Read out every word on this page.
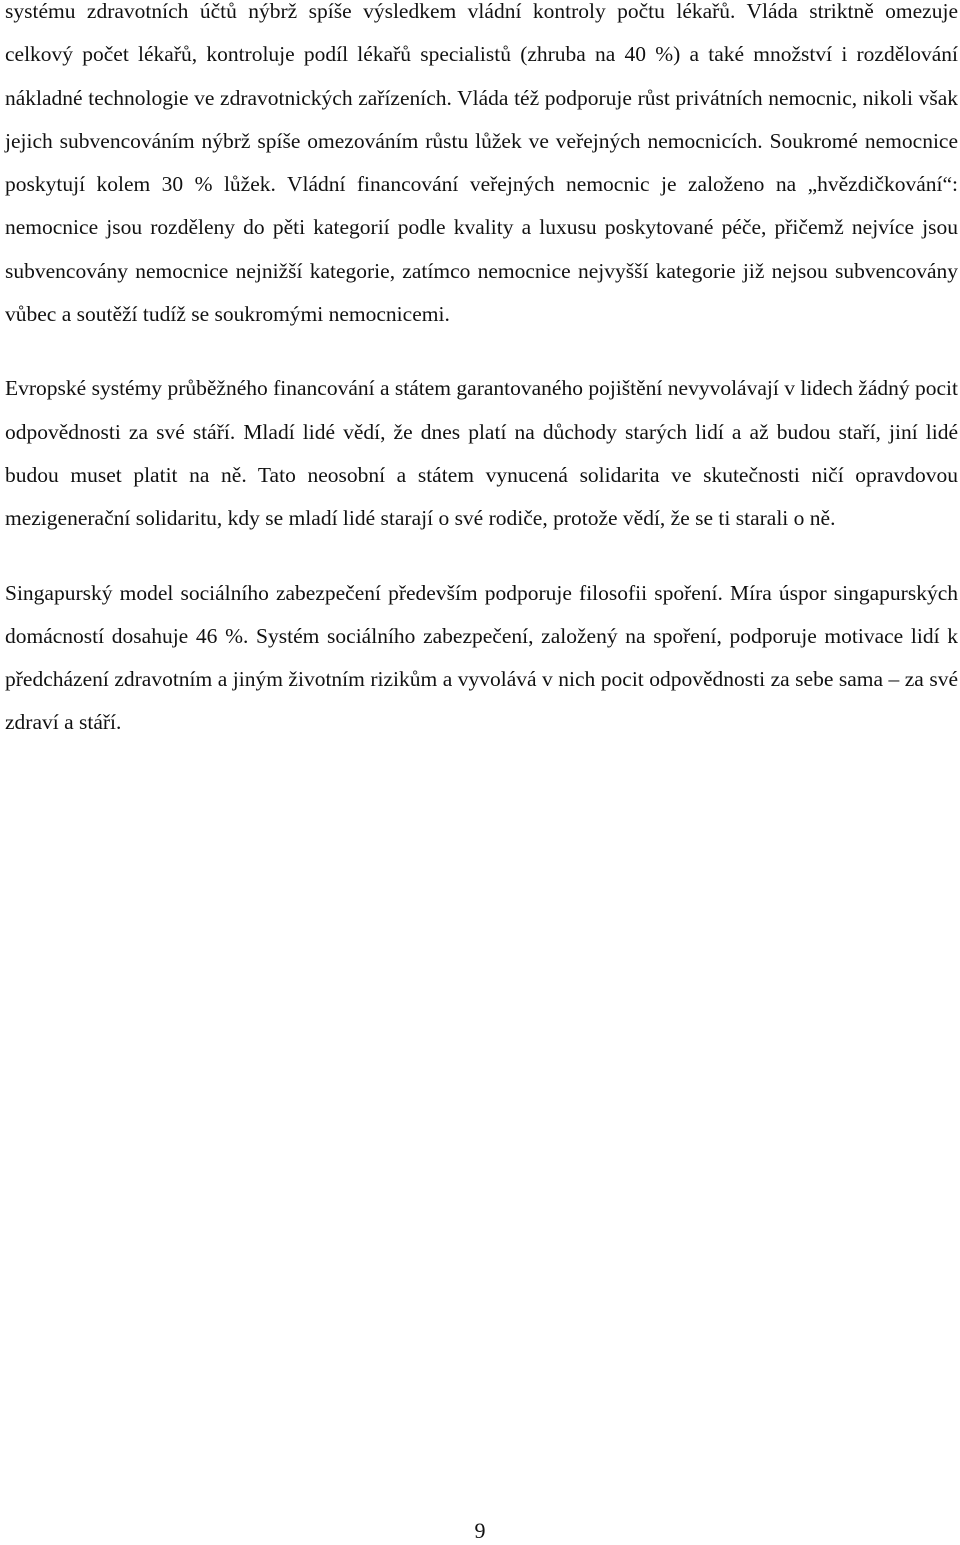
systému zdravotních účtů nýbrž spíše výsledkem vládní kontroly počtu lékařů. Vláda striktně omezuje celkový počet lékařů, kontroluje podíl lékařů specialistů (zhruba na 40 %) a také množství i rozdělování nákladné technologie ve zdravotnických zařízeních. Vláda též podporuje růst privátních nemocnic, nikoli však jejich subvencováním nýbrž spíše omezováním růstu lůžek ve veřejných nemocnicích. Soukromé nemocnice poskytují kolem 30 % lůžek. Vládní financování veřejných nemocnic je založeno na „hvězdičkování“: nemocnice jsou rozděleny do pěti kategorií podle kvality a luxusu poskytované péče, přičemž nejvíce jsou subvencovány nemocnice nejnižší kategorie, zatímco nemocnice nejvyšší kategorie již nejsou subvencovány vůbec a soutěží tudíž se soukromými nemocnicemi.

Evropské systémy průběžného financování a státem garantovaného pojištění nevyvolávají v lidech žádný pocit odpovědnosti za své stáří. Mladí lidé vědí, že dnes platí na důchody starých lidí a až budou staří, jiní lidé budou muset platit na ně. Tato neosobní a státem vynucená solidarita ve skutečnosti ničí opravdovou mezigenerační solidaritu, kdy se mladí lidé starají o své rodiče, protože vědí, že se ti starali o ně.

Singapurský model sociálního zabezpečení především podporuje filosofii spoření. Míra úspor singapurských domácností dosahuje 46 %. Systém sociálního zabezpečení, založený na spoření, podporuje motivace lidí k předcházení zdravotním a jiným životním rizikům a vyvolává v nich pocit odpovědnosti za sebe sama – za své zdraví a stáří.

9
